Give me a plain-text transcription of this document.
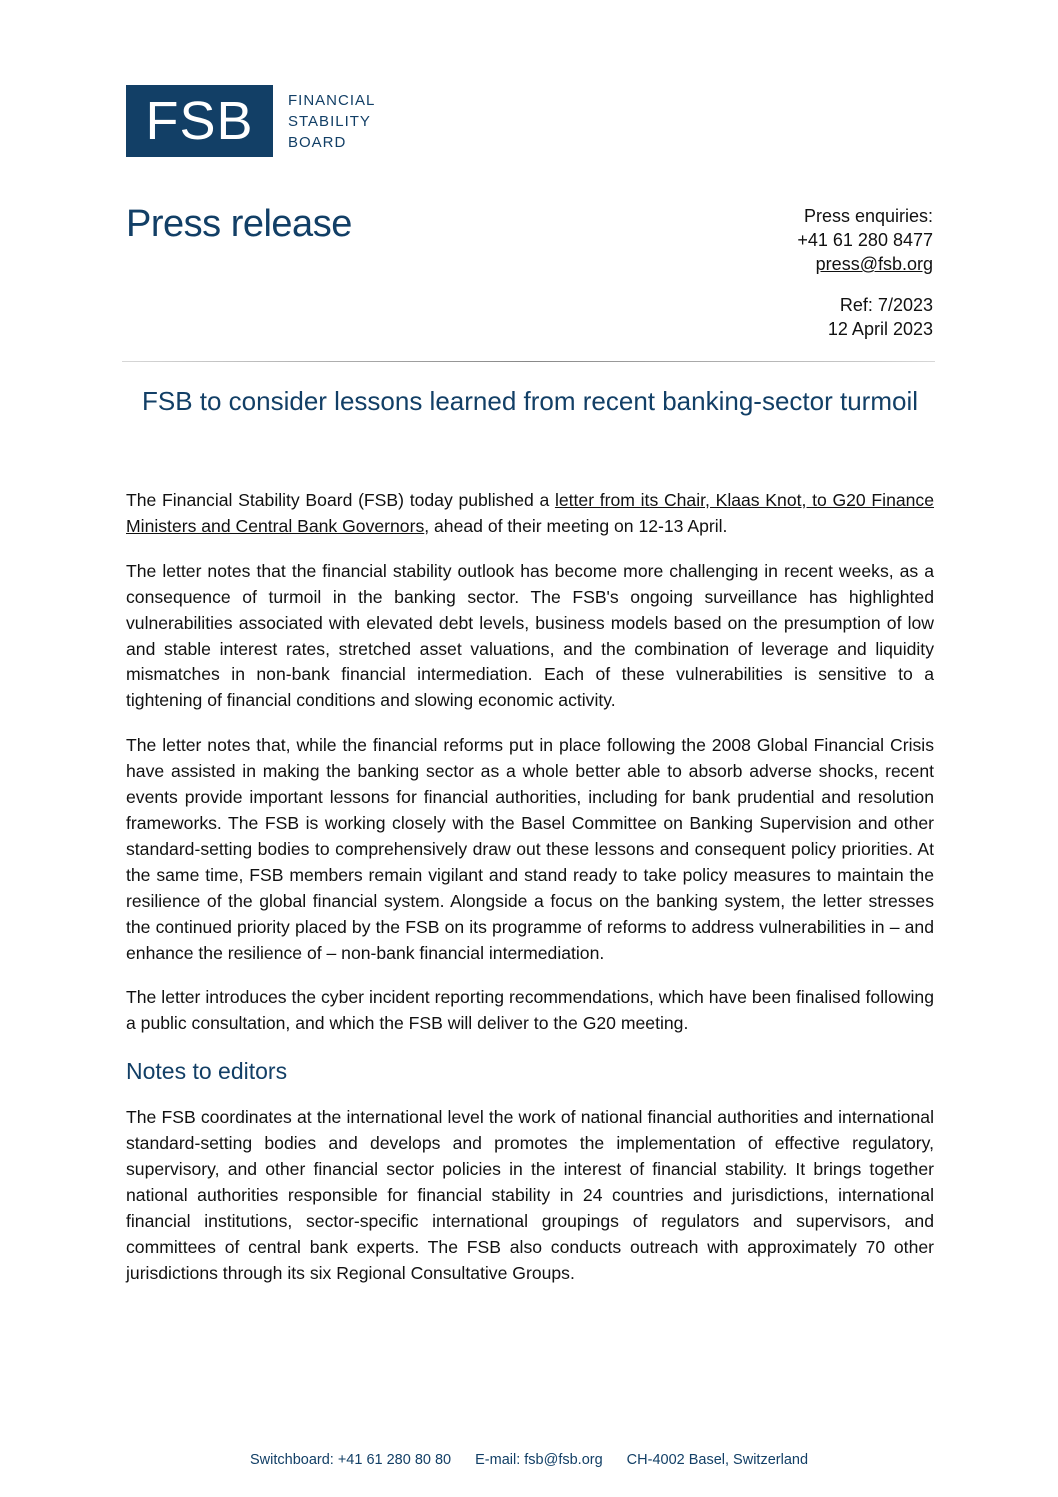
FSB	FINANCIAL
STABILITY
BOARD
Press release	Press enquiries:
+41 61 280 8477
press@fsb.org
Ref: 7/2023
12 April 2023
FSB to consider lessons learned from recent banking-sector turmoil

The Financial Stability Board (FSB) today published a letter from its Chair, Klaas Knot, to G20 Finance Ministers and Central Bank Governors, ahead of their meeting on 12-13 April.

The letter notes that the financial stability outlook has become more challenging in recent weeks, as a consequence of turmoil in the banking sector. The FSB's ongoing surveillance has highlighted vulnerabilities associated with elevated debt levels, business models based on the presumption of low and stable interest rates, stretched asset valuations, and the combination of leverage and liquidity mismatches in non-bank financial intermediation. Each of these vulnerabilities is sensitive to a tightening of financial conditions and slowing economic activity.

The letter notes that, while the financial reforms put in place following the 2008 Global Financial Crisis have assisted in making the banking sector as a whole better able to absorb adverse shocks, recent events provide important lessons for financial authorities, including for bank prudential and resolution frameworks. The FSB is working closely with the Basel Committee on Banking Supervision and other standard-setting bodies to comprehensively draw out these lessons and consequent policy priorities. At the same time, FSB members remain vigilant and stand ready to take policy measures to maintain the resilience of the global financial system. Alongside a focus on the banking system, the letter stresses the continued priority placed by the FSB on its programme of reforms to address vulnerabilities in – and enhance the resilience of – non-bank financial intermediation.

The letter introduces the cyber incident reporting recommendations, which have been finalised following a public consultation, and which the FSB will deliver to the G20 meeting.

Notes to editors

The FSB coordinates at the international level the work of national financial authorities and international standard-setting bodies and develops and promotes the implementation of effective regulatory, supervisory, and other financial sector policies in the interest of financial stability. It brings together national authorities responsible for financial stability in 24 countries and jurisdictions, international financial institutions, sector-specific international groupings of regulators and supervisors, and committees of central bank experts. The FSB also conducts outreach with approximately 70 other jurisdictions through its six Regional Consultative Groups.

Switchboard: +41 61 280 80 80 E-mail: fsb@fsb.org CH-4002 Basel, Switzerland
